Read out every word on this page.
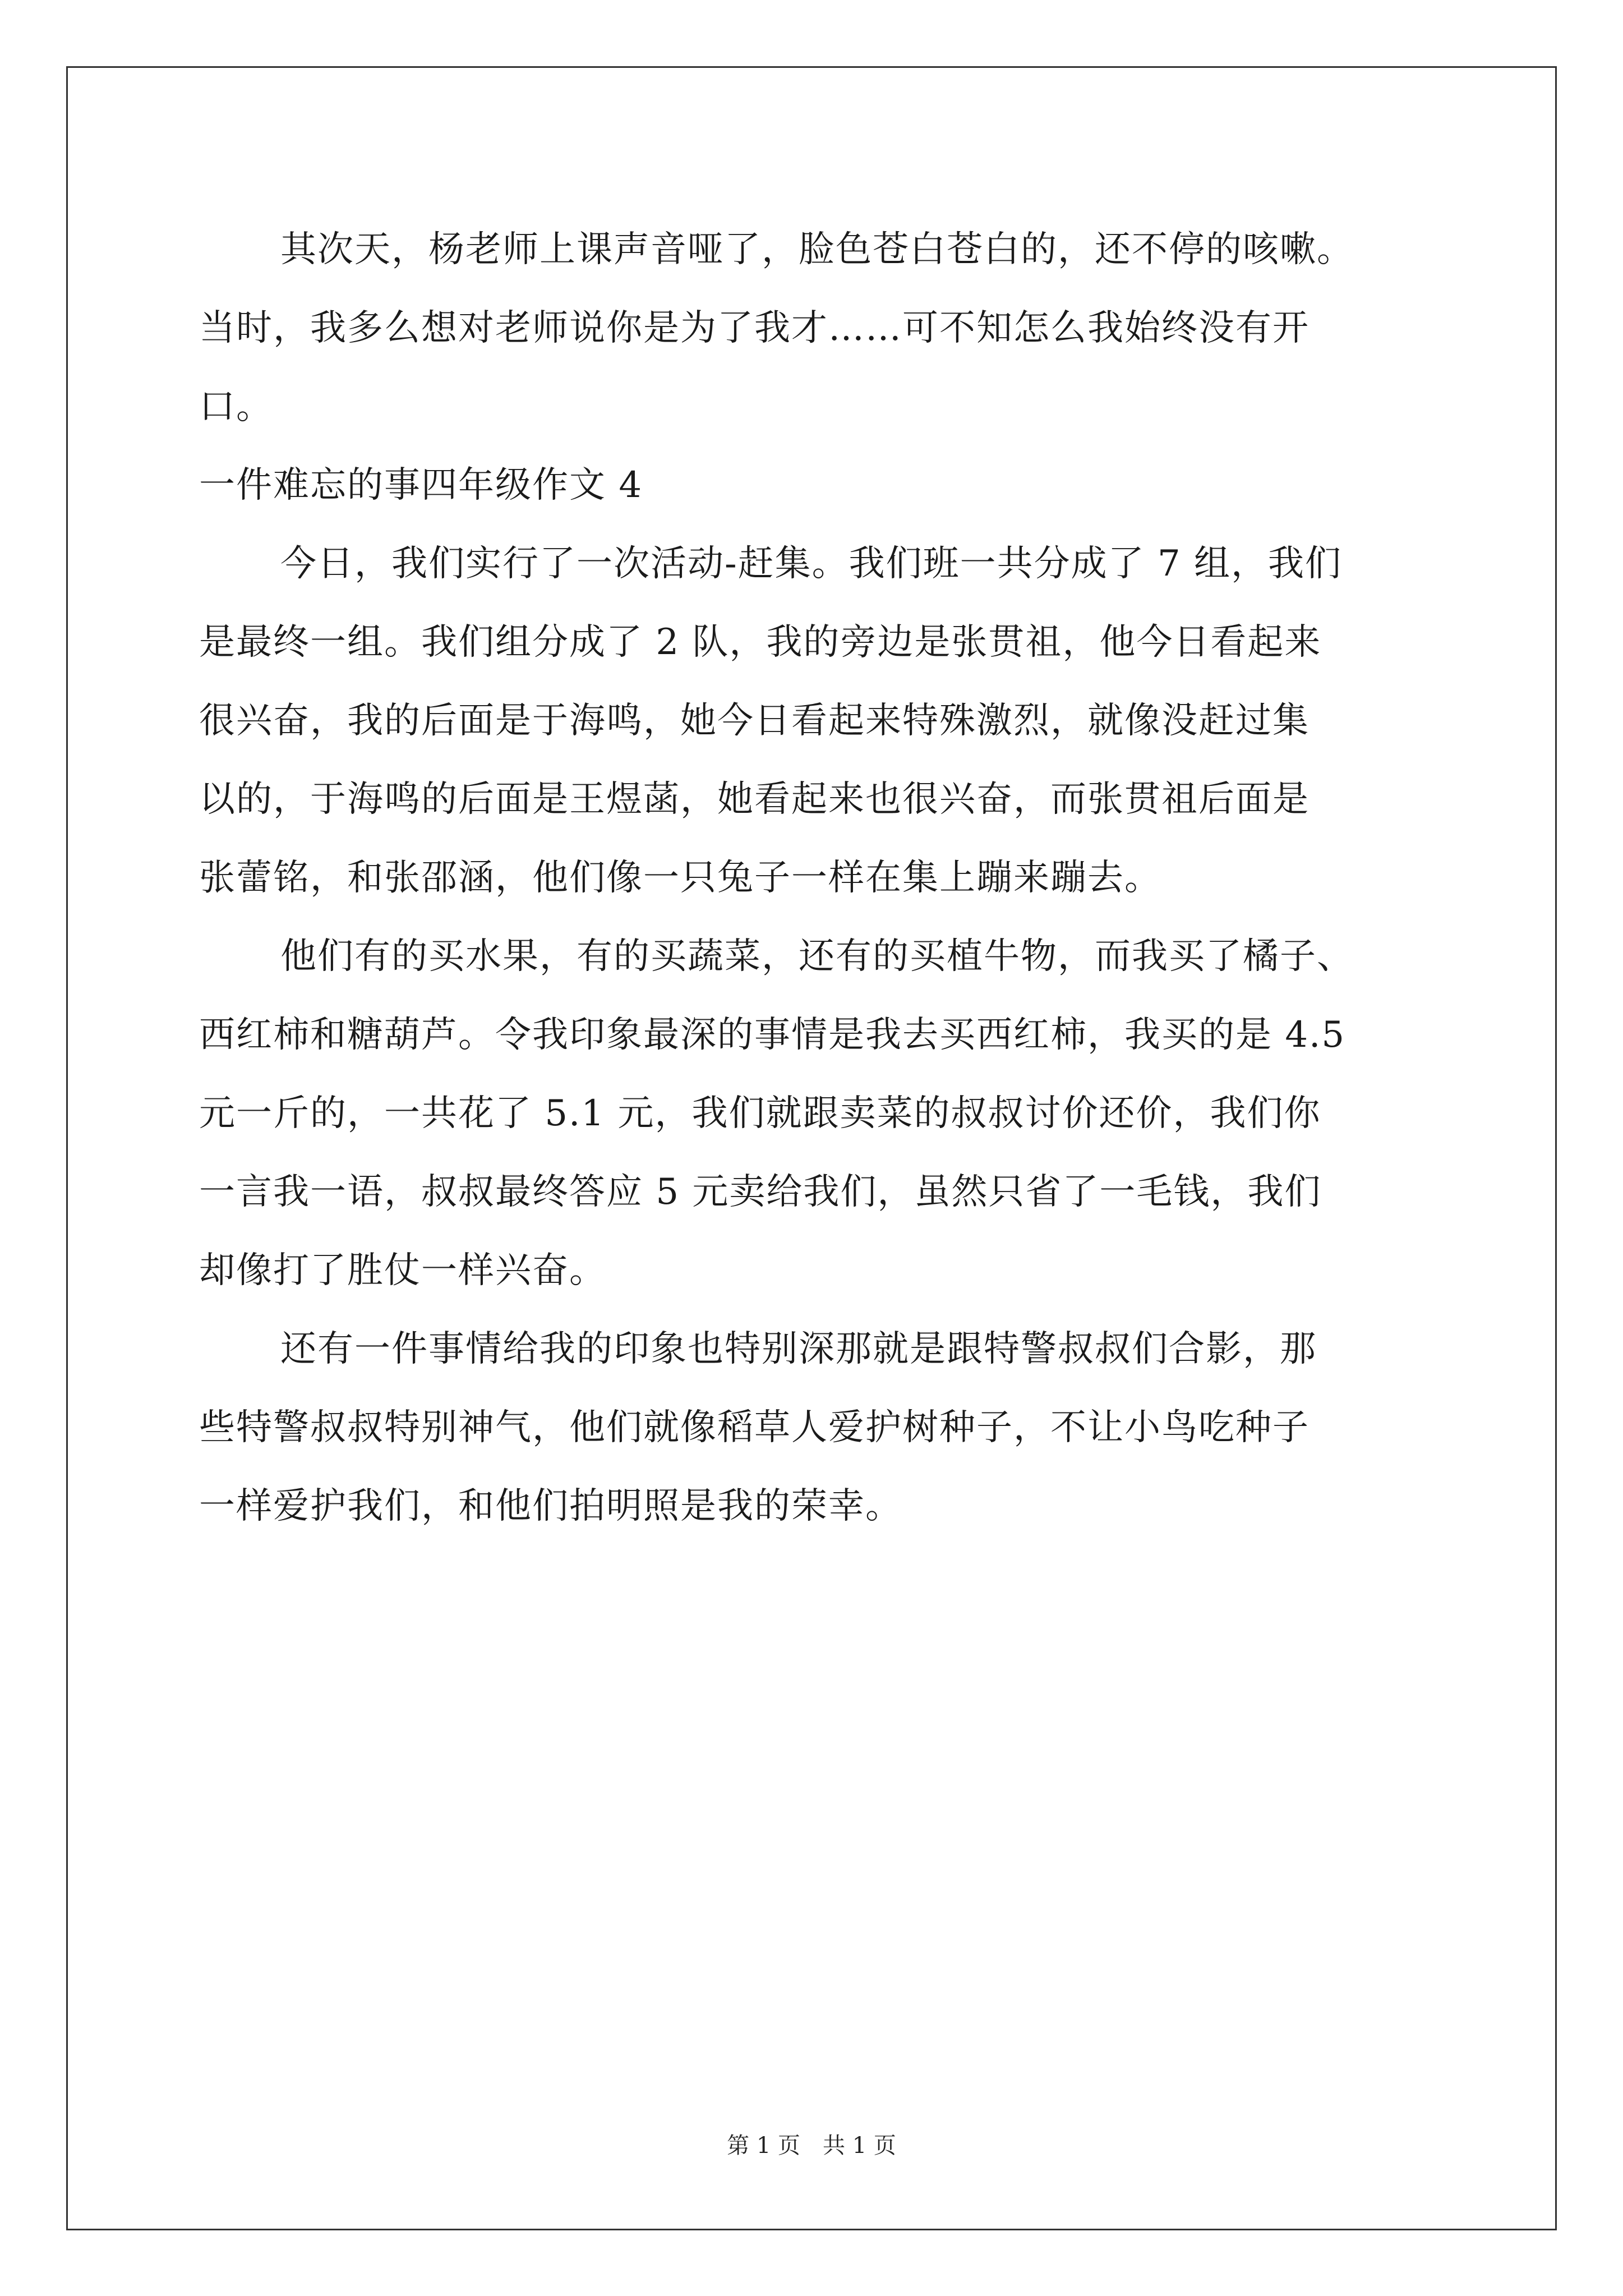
其次天，杨老师上课声音哑了，脸色苍白苍白的，还不停的咳嗽。
当时，我多么想对老师说你是为了我才……可不知怎么我始终没有开
口。
一件难忘的事四年级作文 4
今日，我们实行了一次活动-赶集。我们班一共分成了 7 组，我们
是最终一组。我们组分成了 2 队，我的旁边是张贯祖，他今日看起来
很兴奋，我的后面是于海鸣，她今日看起来特殊激烈，就像没赶过集
以的，于海鸣的后面是王煜菡，她看起来也很兴奋，而张贯祖后面是
张蕾铭，和张邵涵，他们像一只兔子一样在集上蹦来蹦去。
他们有的买水果，有的买蔬菜，还有的买植牛物，而我买了橘子、
西红柿和糖葫芦。令我印象最深的事情是我去买西红柿，我买的是 4.5
元一斤的，一共花了 5.1 元，我们就跟卖菜的叔叔讨价还价，我们你
一言我一语，叔叔最终答应 5 元卖给我们，虽然只省了一毛钱，我们
却像打了胜仗一样兴奋。
还有一件事情给我的印象也特别深那就是跟特警叔叔们合影，那
些特警叔叔特别神气，他们就像稻草人爱护树种子，不让小鸟吃种子
一样爱护我们，和他们拍明照是我的荣幸。
第 1 页　共 1 页
